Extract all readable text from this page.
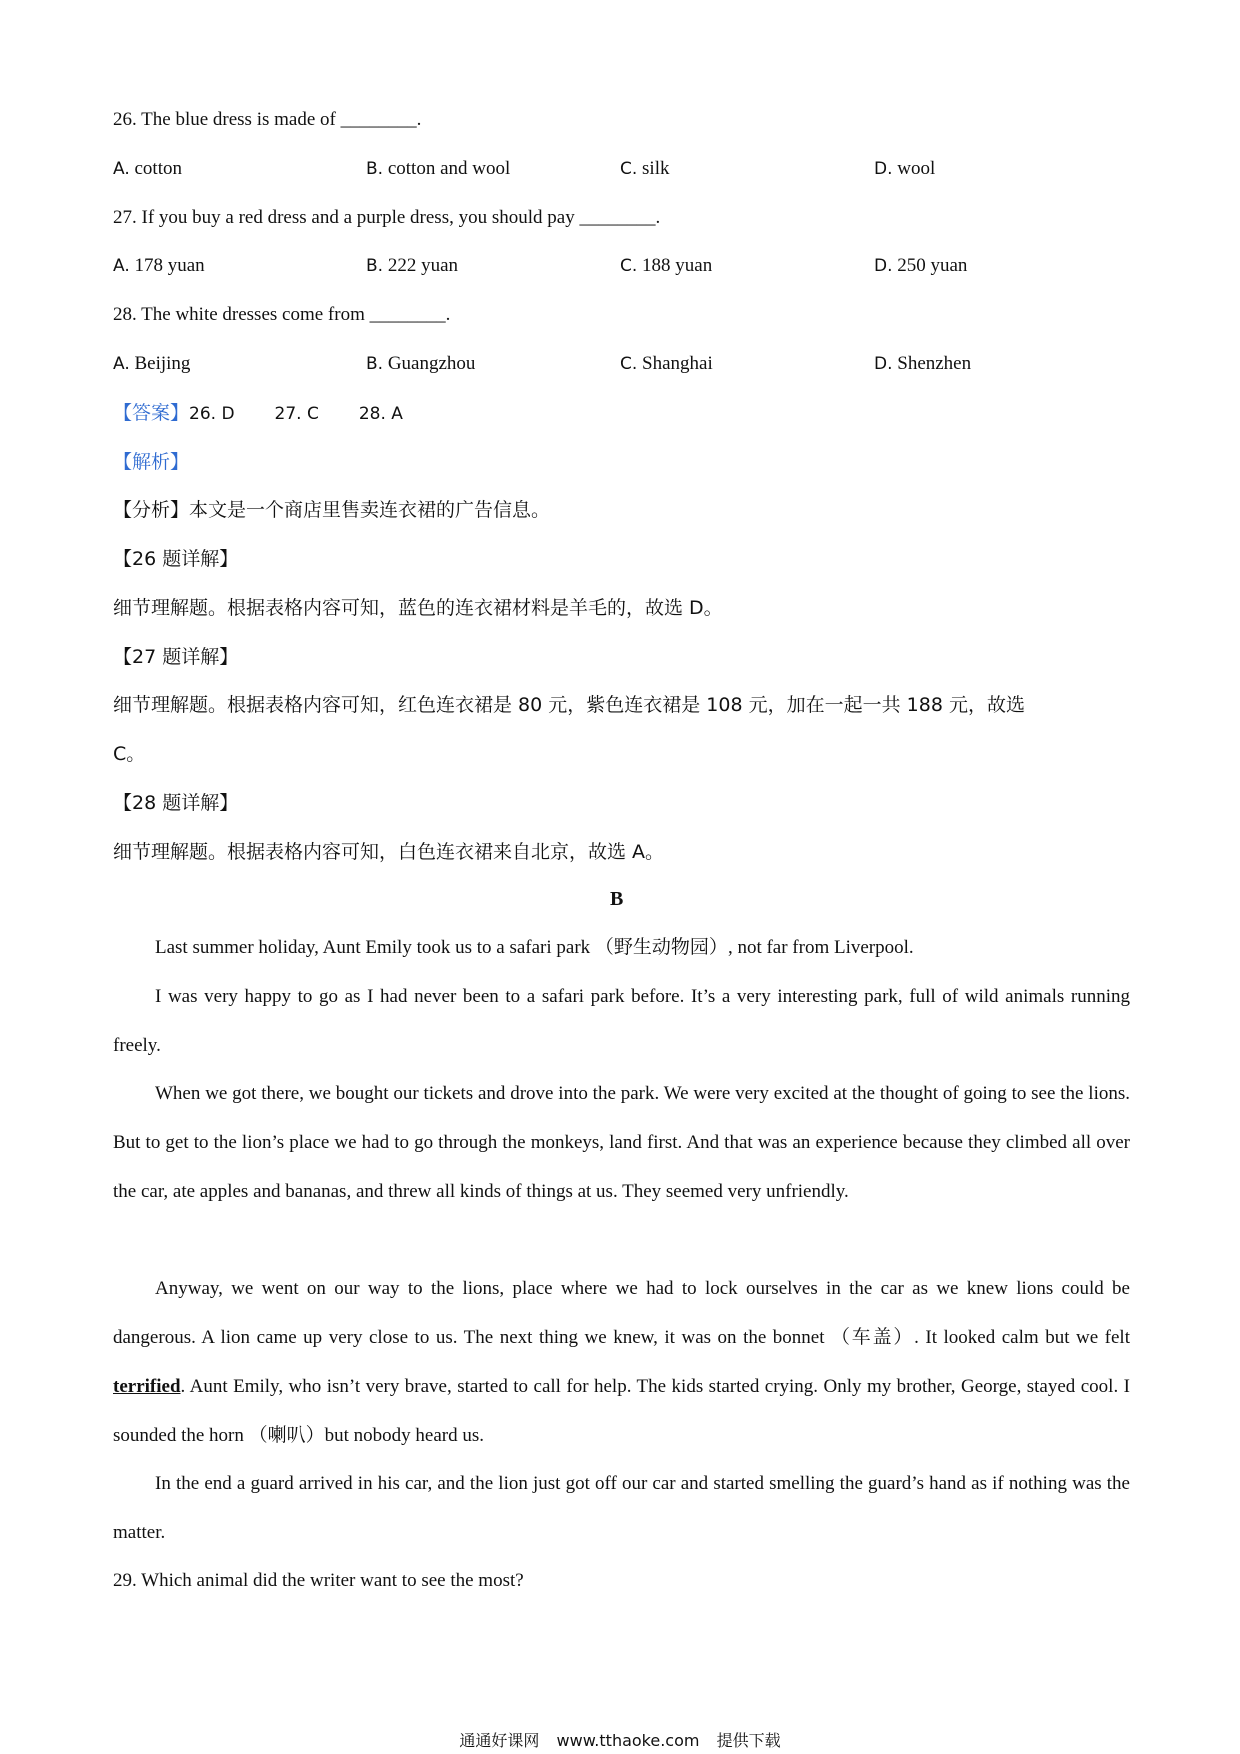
26. The blue dress is made of ________.
A. cotton	B. cotton and wool	C. silk	D. wool
27. If you buy a red dress and a purple dress, you should pay ________.
A. 178 yuan	B. 222 yuan	C. 188 yuan	D. 250 yuan
28. The white dresses come from ________.
A. Beijing	B. Guangzhou	C. Shanghai	D. Shenzhen
【答案】26. D 27. C 28. A
【解析】
【分析】本文是一个商店里售卖连衣裙的广告信息。
【26 题详解】
细节理解题。根据表格内容可知，蓝色的连衣裙材料是羊毛的，故选 D。
【27 题详解】
细节理解题。根据表格内容可知，红色连衣裙是 80 元，紫色连衣裙是 108 元，加在一起一共 188 元，故选
C。
【28 题详解】
细节理解题。根据表格内容可知，白色连衣裙来自北京，故选 A。
B
Last summer holiday, Aunt Emily took us to a safari park （野生动物园）, not far from Liverpool.
I was very happy to go as I had never been to a safari park before. It’s a very interesting park, full of wild animals running freely.
When we got there, we bought our tickets and drove into the park. We were very excited at the thought of going to see the lions. But to get to the lion’s place we had to go through the monkeys, land first. And that was an experience because they climbed all over the car, ate apples and bananas, and threw all kinds of things at us. They seemed very unfriendly.
Anyway, we went on our way to the lions, place where we had to lock ourselves in the car as we knew lions could be dangerous. A lion came up very close to us. The next thing we knew, it was on the bonnet （车盖）. It looked calm but we felt terrified. Aunt Emily, who isn’t very brave, started to call for help. The kids started crying. Only my brother, George, stayed cool. I sounded the horn （喇叭）but nobody heard us.
In the end a guard arrived in his car, and the lion just got off our car and started smelling the guard’s hand as if nothing was the matter.
29. Which animal did the writer want to see the most?
通通好课网 www.tthaoke.com 提供下载
